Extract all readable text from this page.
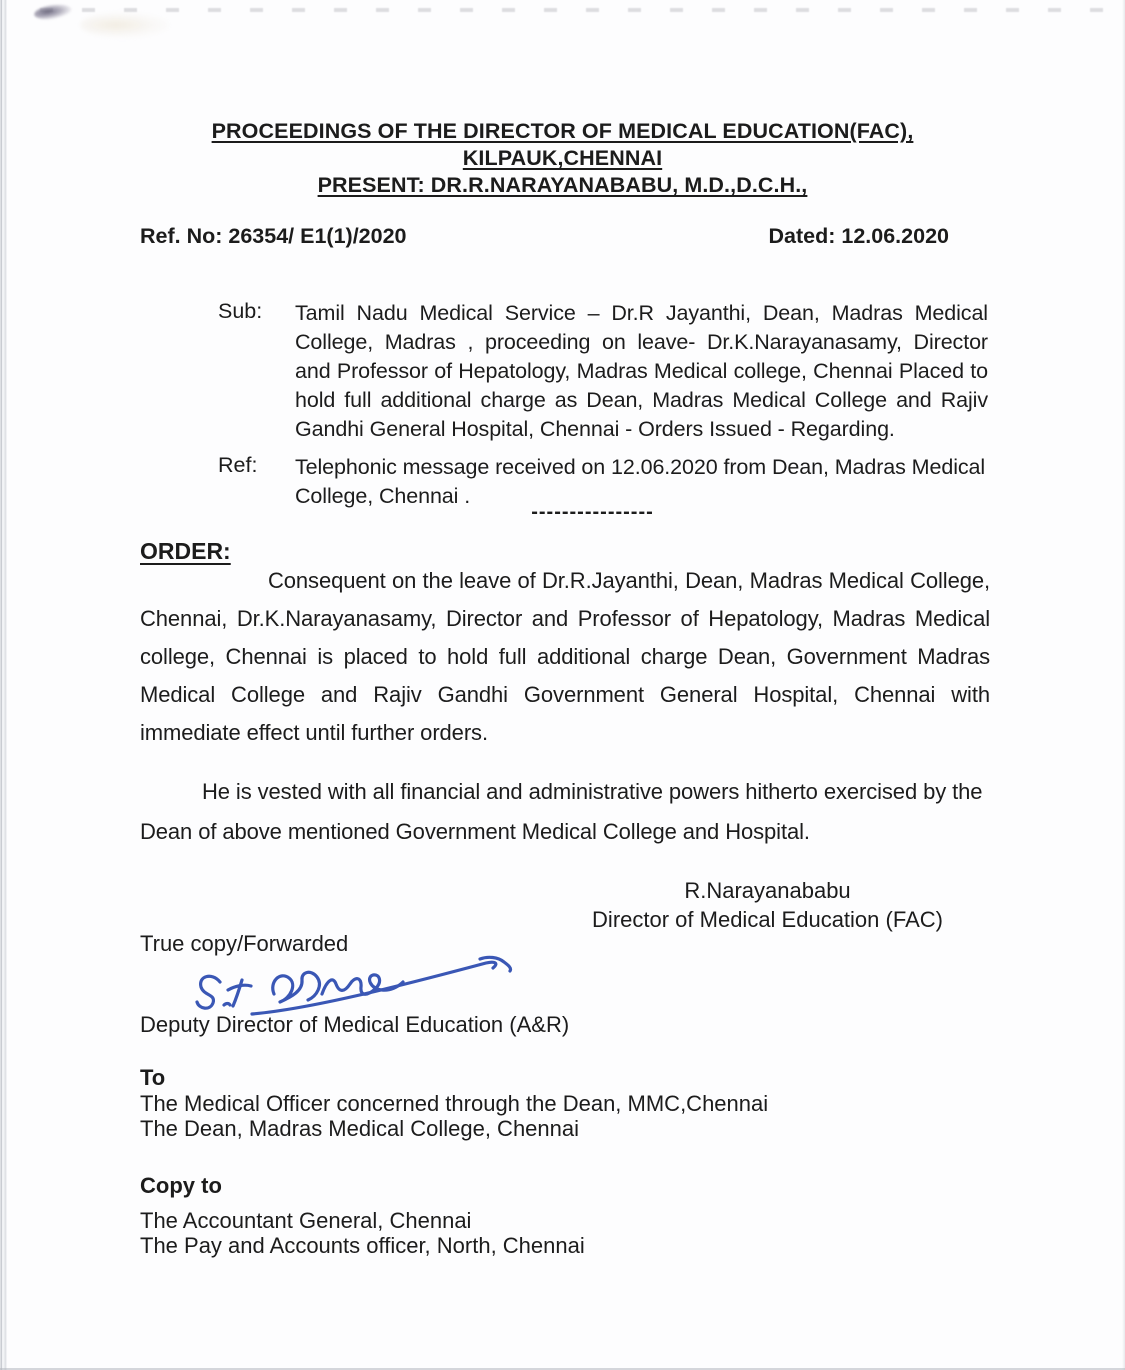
PROCEEDINGS OF THE DIRECTOR OF MEDICAL EDUCATION(FAC),
KILPAUK,CHENNAI
PRESENT: DR.R.NARAYANABABU, M.D.,D.C.H.,
Ref. No: 26354/ E1(1)/2020	Dated: 12.06.2020
Sub: Tamil Nadu Medical Service – Dr.R Jayanthi, Dean, Madras Medical College, Madras , proceeding on leave- Dr.K.Narayanasamy, Director and Professor of Hepatology, Madras Medical college, Chennai Placed to hold full additional charge as Dean, Madras Medical College and Rajiv Gandhi General Hospital, Chennai - Orders Issued - Regarding.
Ref: Telephonic message received on 12.06.2020 from Dean, Madras Medical College, Chennai .
----------------
ORDER:

Consequent on the leave of Dr.R.Jayanthi, Dean, Madras Medical College, Chennai, Dr.K.Narayanasamy, Director and Professor of Hepatology, Madras Medical college, Chennai is placed to hold full additional charge Dean, Government Madras Medical College and Rajiv Gandhi Government General Hospital, Chennai with immediate effect until further orders.

He is vested with all financial and administrative powers hitherto exercised by the Dean of above mentioned Government Medical College and Hospital.

R.Narayanababu
Director of Medical Education (FAC)
True copy/Forwarded
Deputy Director of Medical Education (A&R)
To
The Medical Officer concerned through the Dean, MMC,Chennai
The Dean, Madras Medical College, Chennai
Copy to
The Accountant General, Chennai
The Pay and Accounts officer, North, Chennai
